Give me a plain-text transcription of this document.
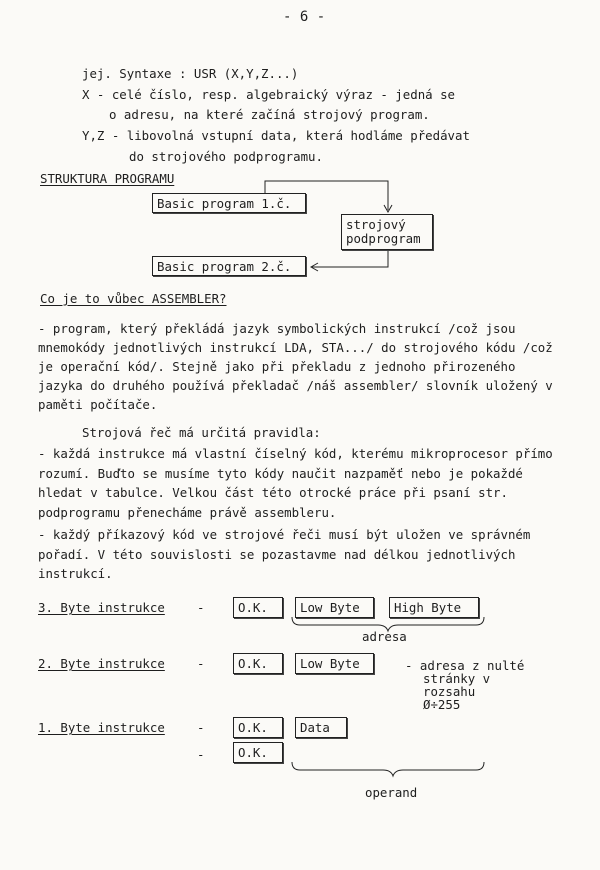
- 6 -
jej. Syntaxe : USR (X,Y,Z...)
X - celé číslo, resp. algebraický výraz - jedná se
o adresu, na které začíná strojový program.
Y,Z - libovolná vstupní data, která hodláme předávat
do strojového podprogramu.
STRUKTURA PROGRAMU
Basic program 1.č.
strojový
podprogram
Basic program 2.č.
Co je to vůbec ASSEMBLER?
- program, který překládá jazyk symbolických instrukcí /což jsou mnemokódy jednotlivých instrukcí LDA, STA.../ do strojového kódu /což je operační kód/. Stejně jako při překladu z jednoho přirozeného jazyka do druhého používá překladač /náš assembler/ slovník uložený v paměti počítače.
Strojová řeč má určitá pravidla:
- každá instrukce má vlastní číselný kód, kterému mikroprocesor přímo rozumí. Buďto se musíme tyto kódy naučit nazpaměť nebo je pokaždé hledat v tabulce. Velkou část této otrocké práce při psaní str. podprogramu přenecháme právě assembleru.
- každý příkazový kód ve strojové řeči musí být uložen ve správném pořadí. V této souvislosti se pozastavme nad délkou jednotlivých instrukcí.
3. Byte instrukce	-	O.K.	Low Byte	High Byte
adresa
2. Byte instrukce	-	O.K.	Low Byte	- adresa z nulté
stránky v
rozsahu
Ø÷255
1. Byte instrukce	-	O.K.	Data
-	O.K.
operand
